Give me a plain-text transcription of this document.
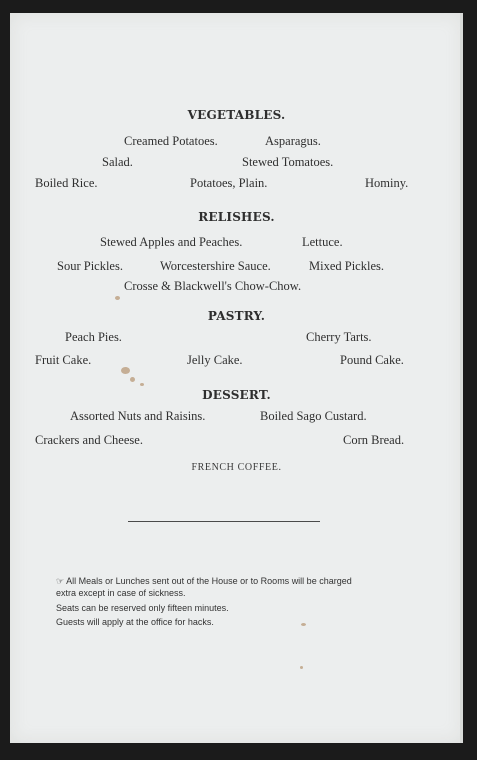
VEGETABLES.
Creamed Potatoes.	Asparagus.
Salad.	Stewed Tomatoes.
Boiled Rice.	Potatoes, Plain.	Hominy.
RELISHES.
Stewed Apples and Peaches.	Lettuce.
Sour Pickles.	Worcestershire Sauce.	Mixed Pickles.
Crosse & Blackwell's Chow-Chow.
PASTRY.
Peach Pies.	Cherry Tarts.
Fruit Cake.	Jelly Cake.	Pound Cake.
DESSERT.
Assorted Nuts and Raisins.	Boiled Sago Custard.
Crackers and Cheese.	Corn Bread.
FRENCH COFFEE.
☞ All Meals or Lunches sent out of the House or to Rooms will be charged
extra except in case of sickness.
Seats can be reserved only fifteen minutes.
Guests will apply at the office for hacks.
